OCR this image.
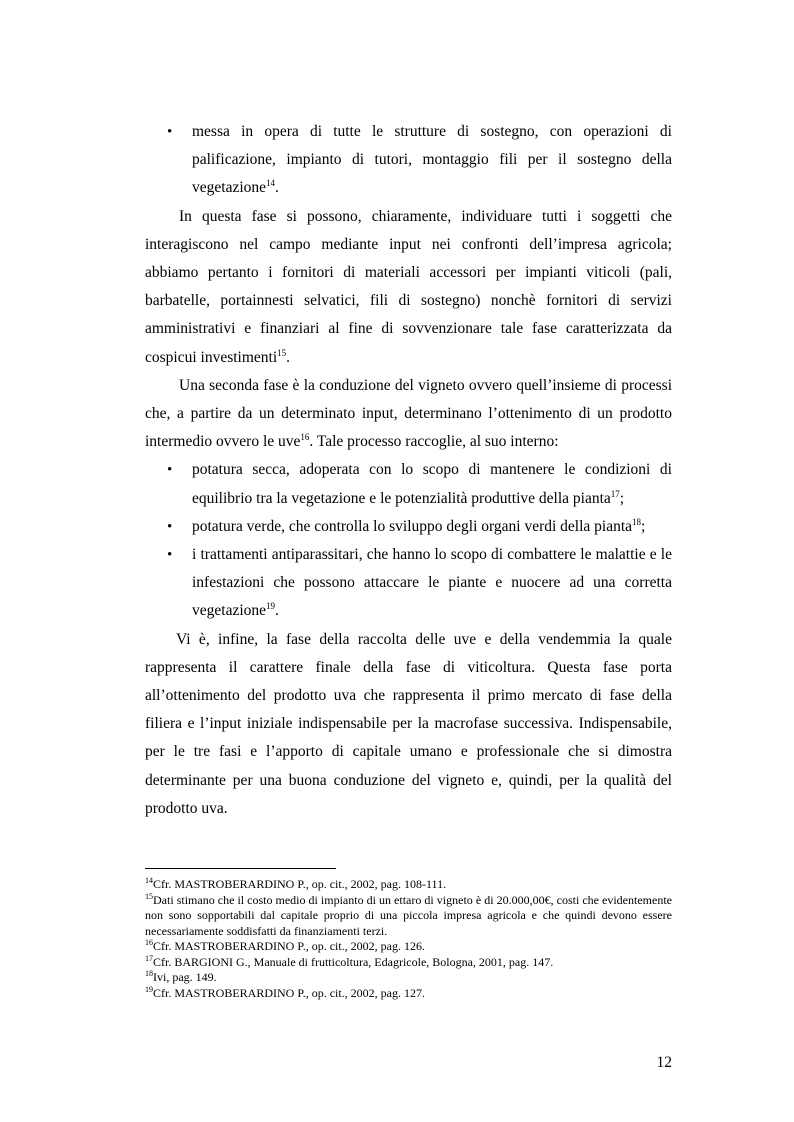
• messa in opera di tutte le strutture di sostegno, con operazioni di palificazione, impianto di tutori, montaggio fili per il sostegno della vegetazione$^{14}$.

In questa fase si possono, chiaramente, individuare tutti i soggetti che interagiscono nel campo mediante input nei confronti dell’impresa agricola; abbiamo pertanto i fornitori di materiali accessori per impianti viticoli (pali, barbatelle, portainnesti selvatici, fili di sostegno) nonchè fornitori di servizi amministrativi e finanziari al fine di sovvenzionare tale fase caratterizzata da cospicui investimenti$^{15}$.

Una seconda fase è la conduzione del vigneto ovvero quell’insieme di processi che, a partire da un determinato input, determinano l’ottenimento di un prodotto intermedio ovvero le uve$^{16}$. Tale processo raccoglie, al suo interno:

• potatura secca, adoperata con lo scopo di mantenere le condizioni di equilibrio tra la vegetazione e le potenzialità produttive della pianta$^{17}$;
• potatura verde, che controlla lo sviluppo degli organi verdi della pianta$^{18}$;
• i trattamenti antiparassitari, che hanno lo scopo di combattere le malattie e le infestazioni che possono attaccare le piante e nuocere ad una corretta vegetazione$^{19}$.

Vi è, infine, la fase della raccolta delle uve e della vendemmia la quale rappresenta il carattere finale della fase di viticoltura. Questa fase porta all’ottenimento del prodotto uva che rappresenta il primo mercato di fase della filiera e l’input iniziale indispensabile per la macrofase successiva. Indispensabile, per le tre fasi e l’apporto di capitale umano e professionale che si dimostra determinante per una buona conduzione del vigneto e, quindi, per la qualità del prodotto uva.

$^{14}$Cfr. MASTROBERARDINO P., op. cit., 2002, pag. 108-111.

$^{15}$Dati stimano che il costo medio di impianto di un ettaro di vigneto è di 20.000,00€, costi che evidentemente non sono sopportabili dal capitale proprio di una piccola impresa agricola e che quindi devono essere necessariamente soddisfatti da finanziamenti terzi.

$^{16}$Cfr. MASTROBERARDINO P., op. cit., 2002, pag. 126.

$^{17}$Cfr. BARGIONI G., Manuale di frutticoltura, Edagricole, Bologna, 2001, pag. 147.

$^{18}$Ivi, pag. 149.

$^{19}$Cfr. MASTROBERARDINO P., op. cit., 2002, pag. 127.

12
